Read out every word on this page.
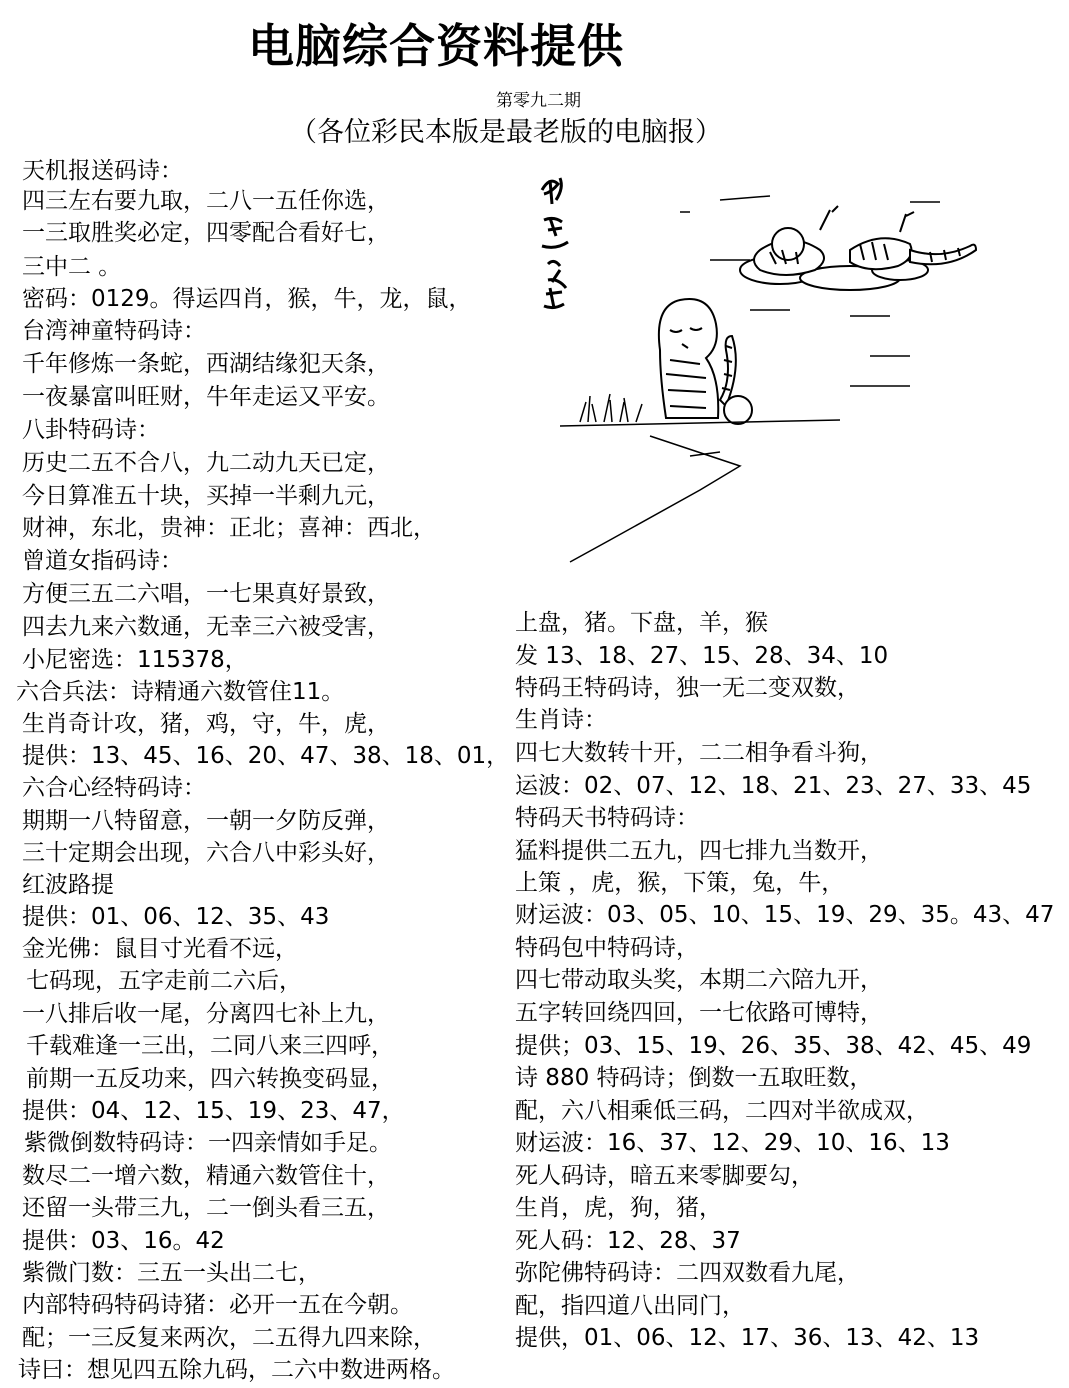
电脑综合资料提供
第零九二期
（各位彩民本版是最老版的电脑报）
天机报送码诗：
四三左右要九取，二八一五任你选，
一三取胜奖必定，四零配合看好七，
三中二 。
密码：0129。得运四肖，猴，牛，龙，鼠，
台湾神童特码诗：
千年修炼一条蛇，西湖结缘犯天条，
一夜暴富叫旺财，牛年走运又平安。
八卦特码诗：
历史二五不合八，九二动九天已定，
今日算准五十块，买掉一半剩九元，
财神，东北，贵神：正北；喜神：西北，
曾道女指码诗：
方便三五二六唱，一七果真好景致，
四去九来六数通，无幸三六被受害，
小尼密选：115378，
六合兵法：诗精通六数管住11。
生肖奇计攻，猪，鸡，守，牛，虎，
提供：13、45、16、20、47、38、18、01，
六合心经特码诗：
期期一八特留意，一朝一夕防反弹，
三十定期会出现，六合八中彩头好，
红波路提
提供：01、06、12、35、43
金光佛：鼠目寸光看不远，
七码现，五字走前二六后，
一八排后收一尾，分离四七补上九，
千载难逢一三出，二同八来三四呼，
前期一五反功来，四六转换变码显，
提供：04、12、15、19、23、47，
紫微倒数特码诗：一四亲情如手足。
数尽二一增六数，精通六数管住十，
还留一头带三九，二一倒头看三五，
提供：03、16。42
紫微门数：三五一头出二七，
内部特码特码诗猪：必开一五在今朝。
配；一三反复来两次，二五得九四来除，
诗曰：想见四五除九码，二六中数进两格。
上盘，猪。下盘，羊，猴
发 13、18、27、15、28、34、10
特码王特码诗，独一无二变双数，
生肖诗：
四七大数转十开，二二相争看斗狗，
运波：02、07、12、18、21、23、27、33、45
特码天书特码诗：
猛料提供二五九，四七排九当数开，
上策 ，虎，猴，下策，兔，牛，
财运波：03、05、10、15、19、29、35。43、47
特码包中特码诗，
四七带动取头奖，本期二六陪九开，
五字转回绕四回，一七依路可博特，
提供；03、15、19、26、35、38、42、45、49
诗 880 特码诗；倒数一五取旺数，
配，六八相乘低三码，二四对半欲成双，
财运波：16、37、12、29、10、16、13
死人码诗，暗五来零脚要勾，
生肖，虎，狗，猪，
死人码：12、28、37
弥陀佛特码诗：二四双数看九尾，
配，指四道八出同门，
提供，01、06、12、17、36、13、42、13
